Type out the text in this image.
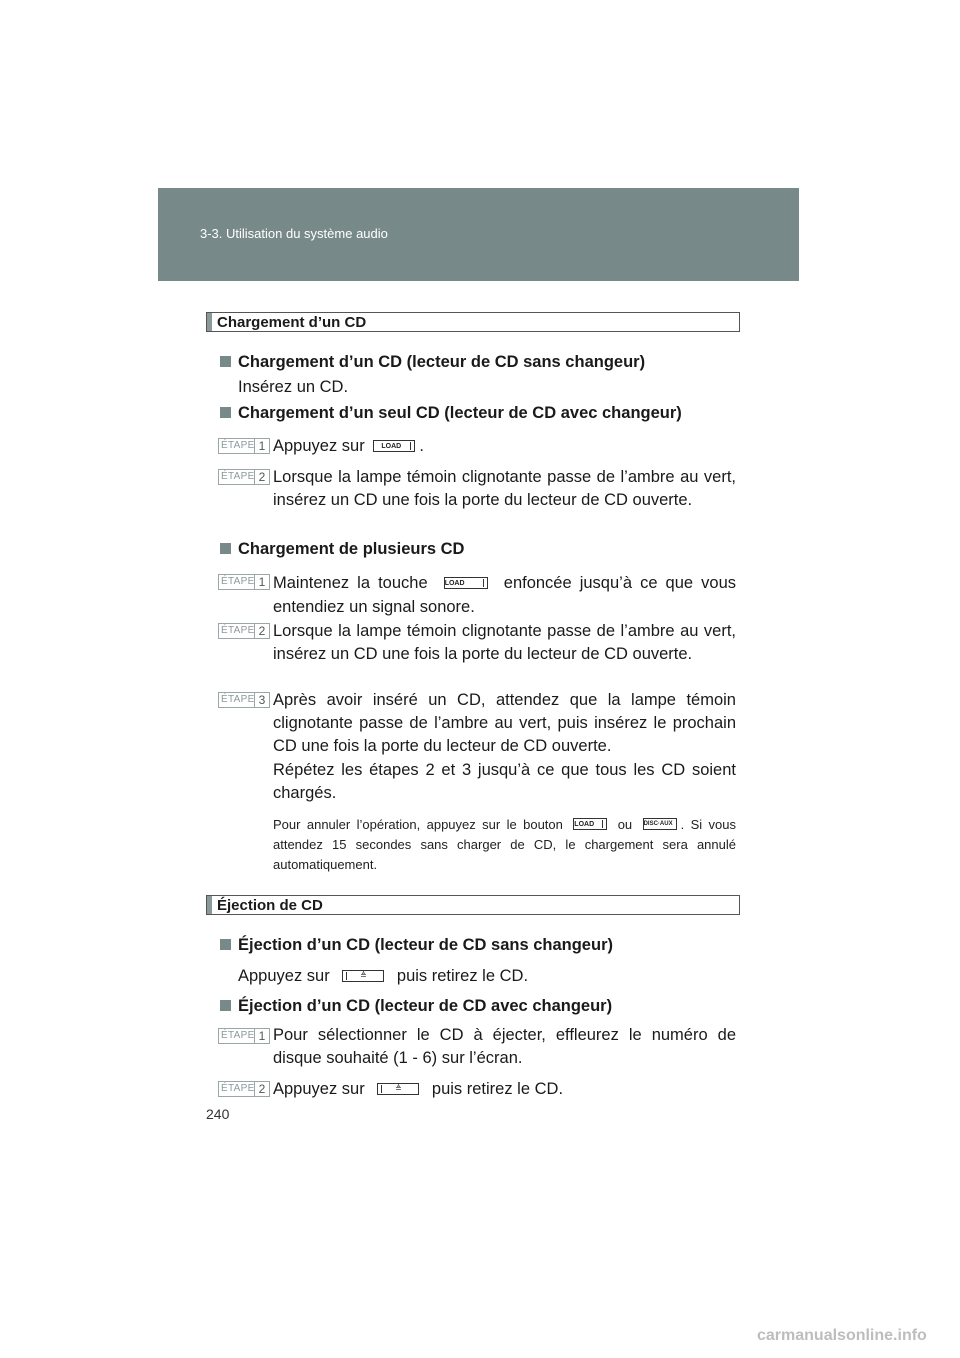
3-3. Utilisation du système audio
Chargement d’un CD
Chargement d’un CD (lecteur de CD sans changeur)
Insérez un CD.
Chargement d’un seul CD (lecteur de CD avec changeur)
ÉTAPE 1 Appuyez sur	LOAD	.
ÉTAPE 2 Lorsque la lampe témoin clignotante passe de l’ambre au vert, insérez un CD une fois la porte du lecteur de CD ouverte.
Chargement de plusieurs CD
ÉTAPE 1 Maintenez la touche LOAD	enfoncée jusqu’à ce que vous entendiez un signal sonore.
ÉTAPE 2 Lorsque la lampe témoin clignotante passe de l’ambre au vert, insérez un CD une fois la porte du lecteur de CD ouverte.
ÉTAPE 3 Après avoir inséré un CD, attendez que la lampe témoin clignotante passe de l’ambre au vert, puis insérez le prochain CD une fois la porte du lecteur de CD ouverte.
Répétez les étapes 2 et 3 jusqu’à ce que tous les CD soient chargés.
Pour annuler l’opération, appuyez sur le bouton LOAD	ou DISC·AUX . Si vous attendez 15 secondes sans charger de CD, le chargement sera annulé automatiquement.
Éjection de CD
Éjection d’un CD (lecteur de CD sans changeur)
Appuyez sur	≜	puis retirez le CD.
Éjection d’un CD (lecteur de CD avec changeur)
ÉTAPE 1 Pour sélectionner le CD à éjecter, effleurez le numéro de disque souhaité (1 - 6) sur l’écran.
ÉTAPE 2 Appuyez sur	≜	puis retirez le CD.
240
carmanualsonline.info
